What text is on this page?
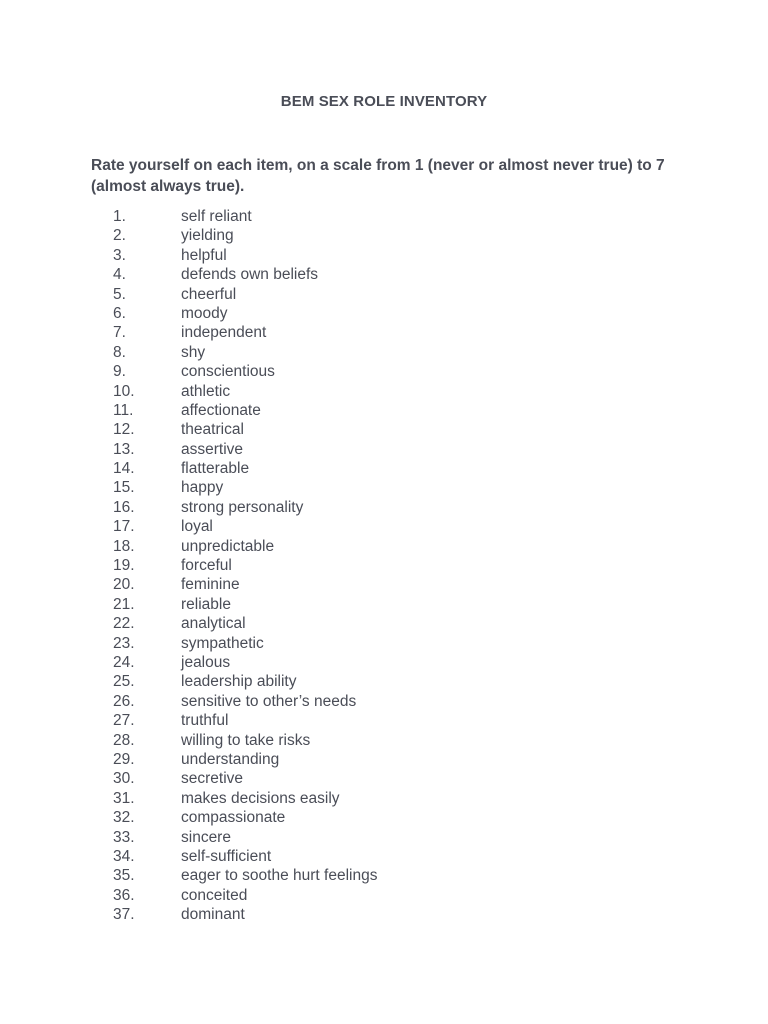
BEM SEX ROLE INVENTORY
Rate yourself on each item, on a scale from 1 (never or almost never true) to 7 (almost always true).
1.	self reliant
2.	yielding
3.	helpful
4.	defends own beliefs
5.	cheerful
6.	moody
7.	independent
8.	shy
9.	conscientious
10.	athletic
11.	affectionate
12.	theatrical
13.	assertive
14.	flatterable
15.	happy
16.	strong personality
17.	loyal
18.	unpredictable
19.	forceful
20.	feminine
21.	reliable
22.	analytical
23.	sympathetic
24.	jealous
25.	leadership ability
26.	sensitive to other’s needs
27.	truthful
28.	willing to take risks
29.	understanding
30.	secretive
31.	makes decisions easily
32.	compassionate
33.	sincere
34.	self-sufficient
35.	eager to soothe hurt feelings
36.	conceited
37.	dominant
